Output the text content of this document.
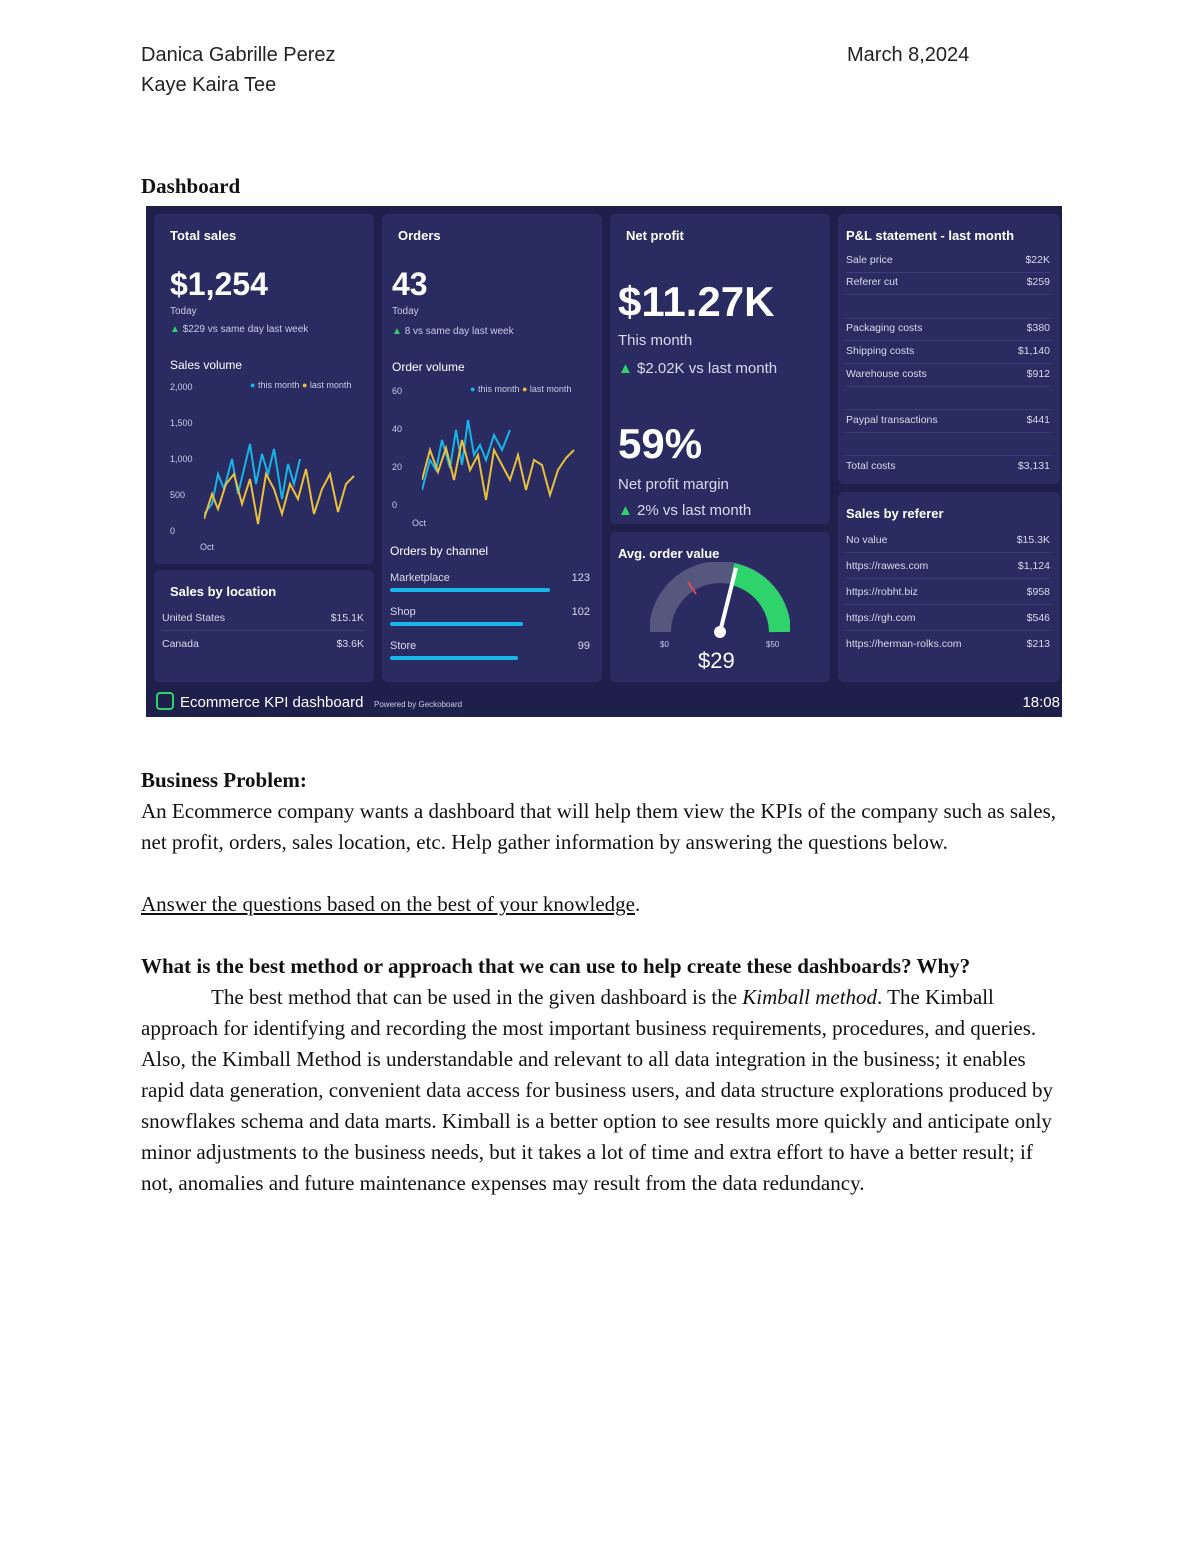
Danica Gabrille Perez
Kaye Kaira Tee
March 8,2024
Dashboard
Total sales
$1,254
Today
▲ $229 vs same day last week
Sales volume
● this month ● last month
2,000
1,500
1,000
500
0
Oct
Sales by location
United States	$15.1K
Canada	$3.6K
Orders
43
Today
▲ 8 vs same day last week
Order volume
● this month ● last month
60
40
20
0
Oct
Orders by channel
Marketplace	123
Shop	102
Store	99
Net profit
$11.27K
This month
▲ $2.02K vs last month
59%
Net profit margin
▲ 2% vs last month
Avg. order value
$0	$50
$29
P&L statement - last month
Sale price	$22K
Referer cut	$259
Packaging costs	$380
Shipping costs	$1,140
Warehouse costs	$912
Paypal transactions	$441
Total costs	$3,131
Sales by referer
No value	$15.3K
https://rawes.com	$1,124
https://robht.biz	$958
https://rgh.com	$546
https://herman-rolks.com	$213
Ecommerce KPI dashboard Powered by Geckoboard	18:08
Business Problem:
An Ecommerce company wants a dashboard that will help them view the KPIs of the company such as sales, net profit, orders, sales location, etc. Help gather information by answering the questions below.
Answer the questions based on the best of your knowledge.
What is the best method or approach that we can use to help create these dashboards? Why?
The best method that can be used in the given dashboard is the Kimball method. The Kimball approach for identifying and recording the most important business requirements, procedures, and queries. Also, the Kimball Method is understandable and relevant to all data integration in the business; it enables rapid data generation, convenient data access for business users, and data structure explorations produced by snowflakes schema and data marts. Kimball is a better option to see results more quickly and anticipate only minor adjustments to the business needs, but it takes a lot of time and extra effort to have a better result; if not, anomalies and future maintenance expenses may result from the data redundancy.
